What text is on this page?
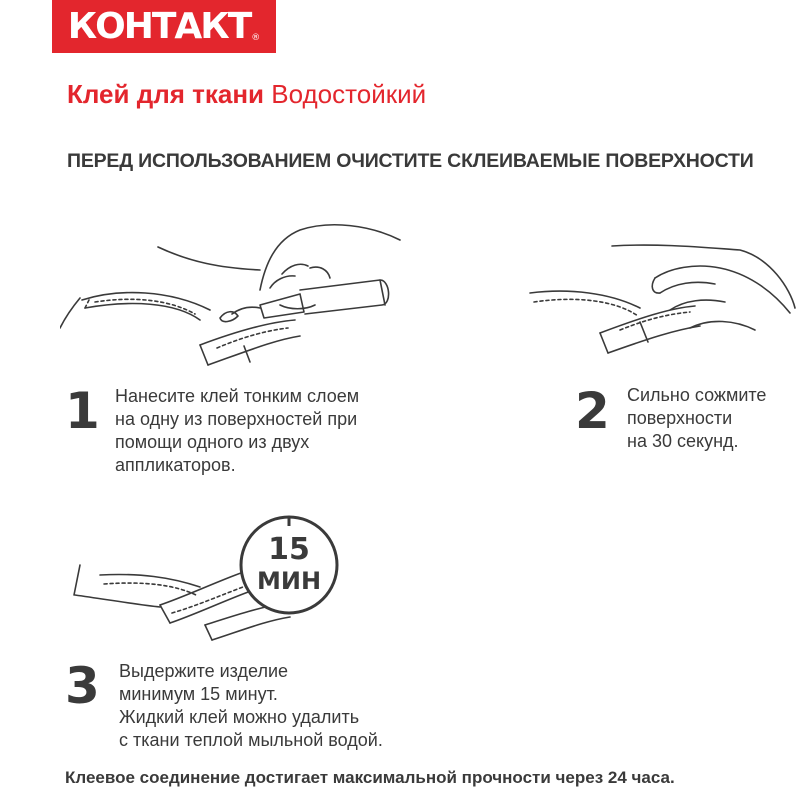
КОНТАКТ ®
Клей для ткани Водостойкий
ПЕРЕД ИСПОЛЬЗОВАНИЕМ ОЧИСТИТЕ СКЛЕИВАЕМЫЕ ПОВЕРХНОСТИ
15
МИН
1 Нанесите клей тонким слоем
на одну из поверхностей при
помощи одного из двух
аппликаторов.
2 Сильно сожмите
поверхности
на 30 секунд.
3 Выдержите изделие
минимум 15 минут.
Жидкий клей можно удалить
с ткани теплой мыльной водой.
Клеевое соединение достигает максимальной прочности через 24 часа.
